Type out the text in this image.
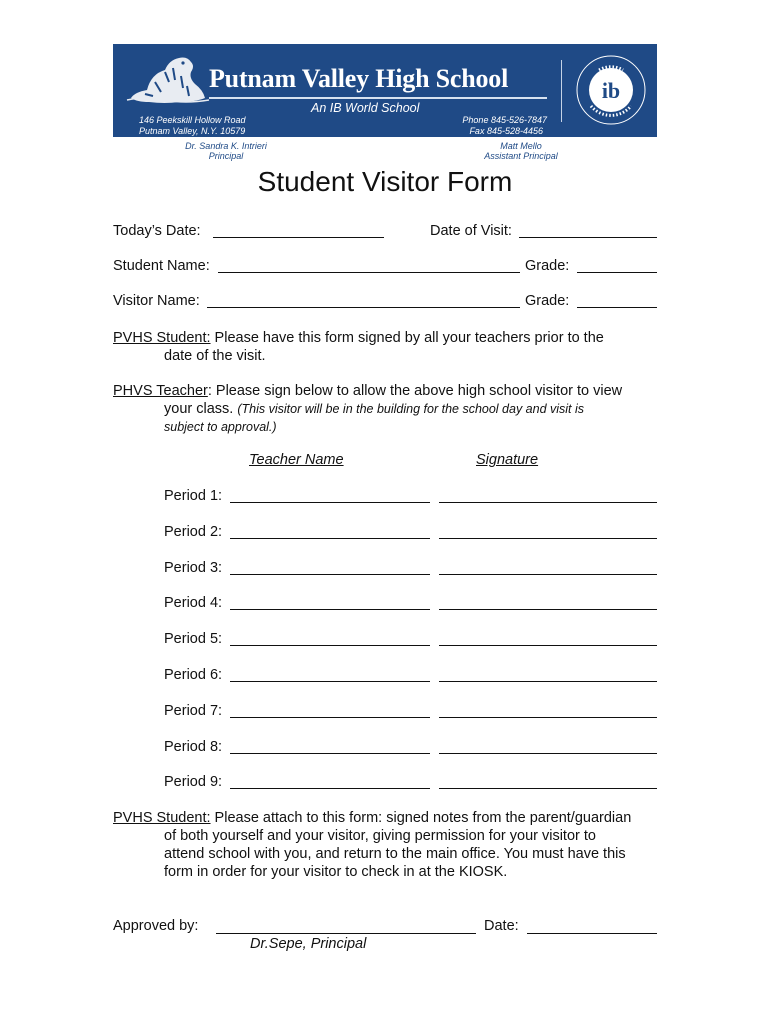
Putnam Valley High School
An IB World School
146 Peekskill Hollow Road
Putnam Valley, N.Y. 10579
Phone 845-526-7847
Fax 845-528-4456
ib
Dr. Sandra K. Intrieri
Principal
Matt Mello
Assistant Principal
Student Visitor Form
Today’s Date:	Date of Visit:
Student Name:	Grade:
Visitor Name:	Grade:
PVHS Student: Please have this form signed by all your teachers prior to the
date of the visit.
PHVS Teacher: Please sign below to allow the above high school visitor to view
your class. (This visitor will be in the building for the school day and visit is
subject to approval.)
Teacher Name	Signature
Period 1:
Period 2:
Period 3:
Period 4:
Period 5:
Period 6:
Period 7:
Period 8:
Period 9:
PVHS Student: Please attach to this form: signed notes from the parent/guardian
of both yourself and your visitor, giving permission for your visitor to
attend school with you, and return to the main office. You must have this
form in order for your visitor to check in at the KIOSK.
Approved by:	Date:
Dr.Sepe, Principal
